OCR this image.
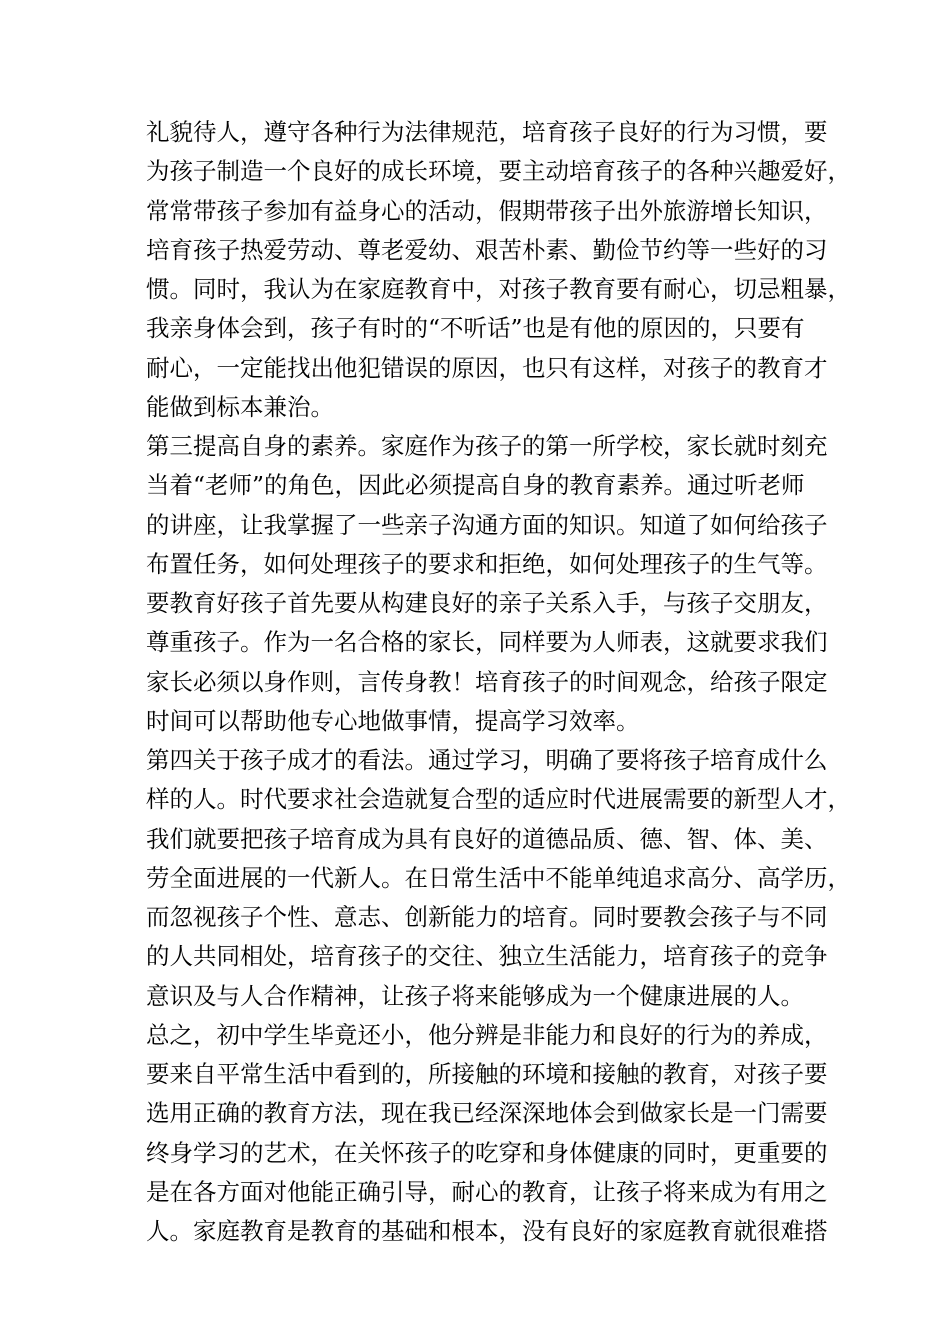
礼貌待人，遵守各种行为法律规范，培育孩子良好的行为习惯，要
为孩子制造一个良好的成长环境，要主动培育孩子的各种兴趣爱好，
常常带孩子参加有益身心的活动，假期带孩子出外旅游增长知识，
培育孩子热爱劳动、尊老爱幼、艰苦朴素、勤俭节约等一些好的习
惯。同时，我认为在家庭教育中，对孩子教育要有耐心，切忌粗暴，
我亲身体会到，孩子有时的“不听话”也是有他的原因的，只要有
耐心，一定能找出他犯错误的原因，也只有这样，对孩子的教育才
能做到标本兼治。
第三提高自身的素养。家庭作为孩子的第一所学校，家长就时刻充
当着“老师”的角色，因此必须提高自身的教育素养。通过听老师
的讲座，让我掌握了一些亲子沟通方面的知识。知道了如何给孩子
布置任务，如何处理孩子的要求和拒绝，如何处理孩子的生气等。
要教育好孩子首先要从构建良好的亲子关系入手，与孩子交朋友，
尊重孩子。作为一名合格的家长，同样要为人师表，这就要求我们
家长必须以身作则，言传身教！培育孩子的时间观念，给孩子限定
时间可以帮助他专心地做事情，提高学习效率。
第四关于孩子成才的看法。通过学习，明确了要将孩子培育成什么
样的人。时代要求社会造就复合型的适应时代进展需要的新型人才，
我们就要把孩子培育成为具有良好的道德品质、德、智、体、美、
劳全面进展的一代新人。在日常生活中不能单纯追求高分、高学历，
而忽视孩子个性、意志、创新能力的培育。同时要教会孩子与不同
的人共同相处，培育孩子的交往、独立生活能力，培育孩子的竞争
意识及与人合作精神，让孩子将来能够成为一个健康进展的人。
总之，初中学生毕竟还小，他分辨是非能力和良好的行为的养成，
要来自平常生活中看到的，所接触的环境和接触的教育，对孩子要
选用正确的教育方法，现在我已经深深地体会到做家长是一门需要
终身学习的艺术，在关怀孩子的吃穿和身体健康的同时，更重要的
是在各方面对他能正确引导，耐心的教育，让孩子将来成为有用之
人。家庭教育是教育的基础和根本，没有良好的家庭教育就很难搭
